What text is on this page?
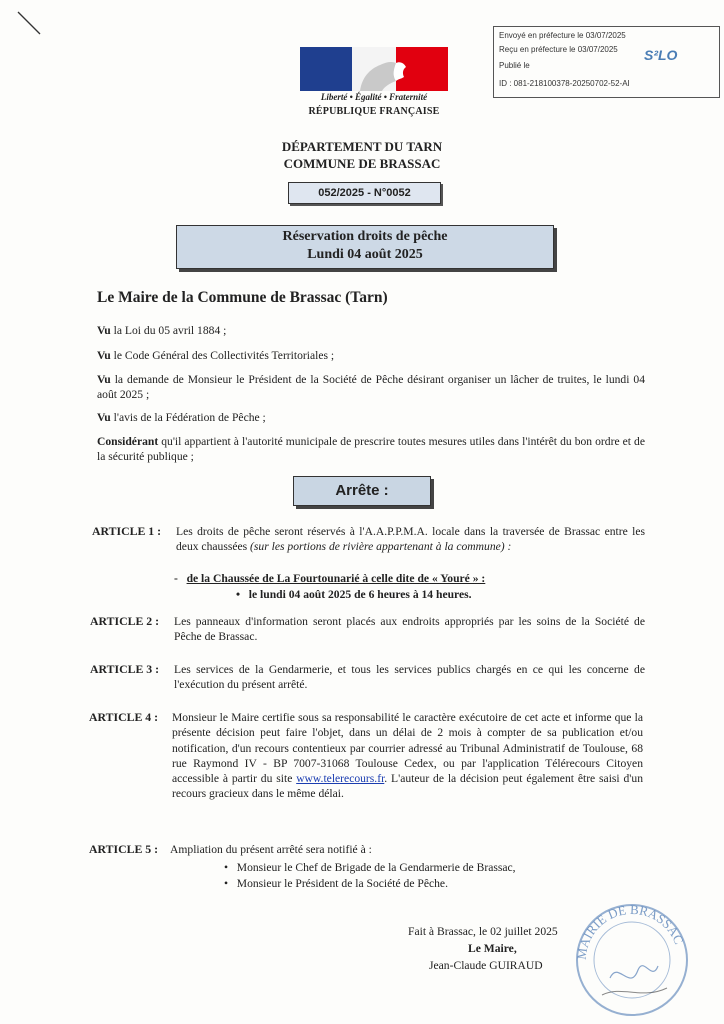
Envoyé en préfecture le 03/07/2025
Reçu en préfecture le 03/07/2025
Publié le
ID : 081-218100378-20250702-52-AI
S²LO
Liberté • Égalité • Fraternité
RÉPUBLIQUE FRANÇAISE
DÉPARTEMENT DU TARN
COMMUNE DE BRASSAC
052/2025 - N°0052
Réservation droits de pêche
Lundi 04 août 2025
Le Maire de la Commune de Brassac (Tarn)
Vu la Loi du 05 avril 1884 ;
Vu le Code Général des Collectivités Territoriales ;
Vu la demande de Monsieur le Président de la Société de Pêche désirant organiser un lâcher de truites, le lundi 04 août 2025 ;
Vu l'avis de la Fédération de Pêche ;
Considérant qu'il appartient à l'autorité municipale de prescrire toutes mesures utiles dans l'intérêt du bon ordre et de la sécurité publique ;
Arrête :
ARTICLE 1 : Les droits de pêche seront réservés à l'A.A.P.P.M.A. locale dans la traversée de Brassac entre les deux chaussées (sur les portions de rivière appartenant à la commune) :
-   de la Chaussée de La Fourtounarié à celle dite de « Youré » :
•   le lundi 04 août 2025 de 6 heures à 14 heures.
ARTICLE 2 : Les panneaux d'information seront placés aux endroits appropriés par les soins de la Société de Pêche de Brassac.
ARTICLE 3 : Les services de la Gendarmerie, et tous les services publics chargés en ce qui les concerne de l'exécution du présent arrêté.
ARTICLE 4 : Monsieur le Maire certifie sous sa responsabilité le caractère exécutoire de cet acte et informe que la présente décision peut faire l'objet, dans un délai de 2 mois à compter de sa publication et/ou notification, d'un recours contentieux par courrier adressé au Tribunal Administratif de Toulouse, 68 rue Raymond IV - BP 7007-31068 Toulouse Cedex, ou par l'application Télérecours Citoyen accessible à partir du site www.telerecours.fr. L'auteur de la décision peut également être saisi d'un recours gracieux dans le même délai.
ARTICLE 5 : Ampliation du présent arrêté sera notifié à :
•   Monsieur le Chef de Brigade de la Gendarmerie de Brassac,
•   Monsieur le Président de la Société de Pêche.
MAIRIE DE BRASSAC
Fait à Brassac, le 02 juillet 2025
Le Maire,
Jean-Claude GUIRAUD
